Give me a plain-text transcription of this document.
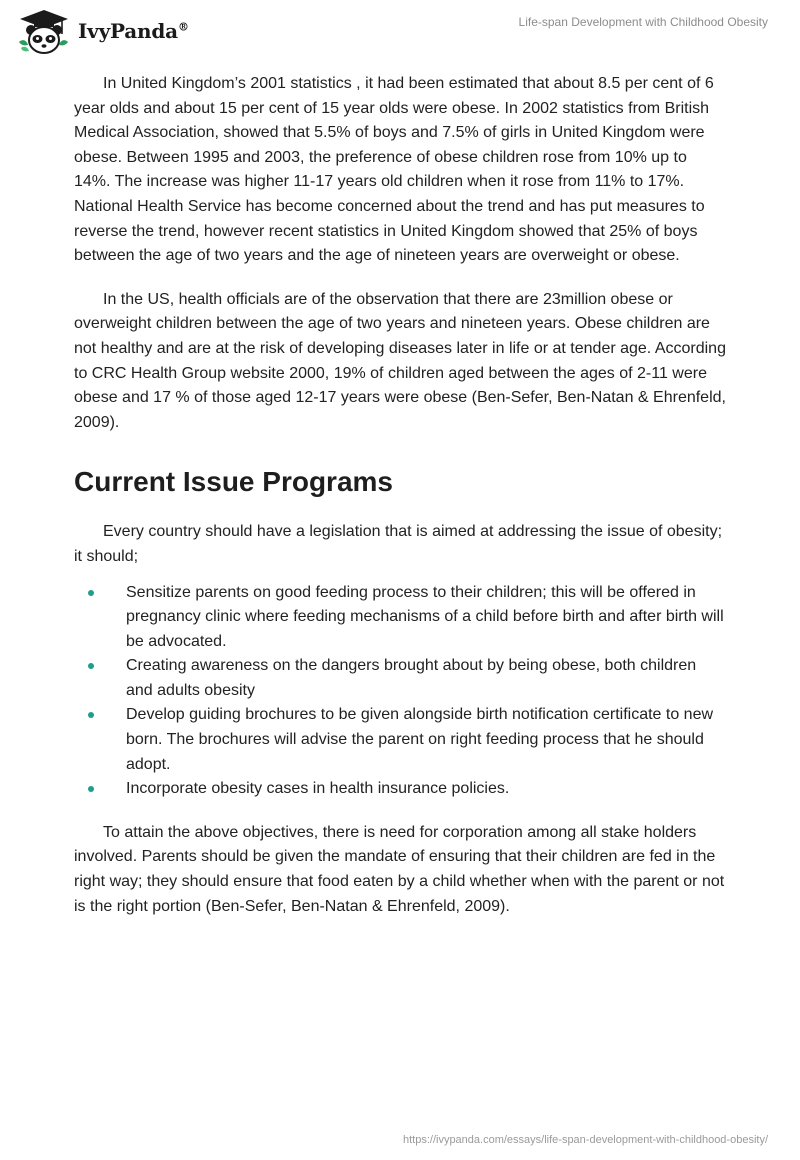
IvyPanda®	Life-span Development with Childhood Obesity

In United Kingdom’s 2001 statistics , it had been estimated that about 8.5 per cent of 6 year olds and about 15 per cent of 15 year olds were obese. In 2002 statistics from British Medical Association, showed that 5.5% of boys and 7.5% of girls in United Kingdom were obese. Between 1995 and 2003, the preference of obese children rose from 10% up to 14%. The increase was higher 11-17 years old children when it rose from 11% to 17%. National Health Service has become concerned about the trend and has put measures to reverse the trend, however recent statistics in United Kingdom showed that 25% of boys between the age of two years and the age of nineteen years are overweight or obese.

In the US, health officials are of the observation that there are 23million obese or overweight children between the age of two years and nineteen years. Obese children are not healthy and are at the risk of developing diseases later in life or at tender age. According to CRC Health Group website 2000, 19% of children aged between the ages of 2-11 were obese and 17 % of those aged 12-17 years were obese (Ben-Sefer, Ben-Natan & Ehrenfeld, 2009).

Current Issue Programs

Every country should have a legislation that is aimed at addressing the issue of obesity; it should;

Sensitize parents on good feeding process to their children; this will be offered in pregnancy clinic where feeding mechanisms of a child before birth and after birth will be advocated.
Creating awareness on the dangers brought about by being obese, both children and adults obesity
Develop guiding brochures to be given alongside birth notification certificate to new born. The brochures will advise the parent on right feeding process that he should adopt.
Incorporate obesity cases in health insurance policies.

To attain the above objectives, there is need for corporation among all stake holders involved. Parents should be given the mandate of ensuring that their children are fed in the right way; they should ensure that food eaten by a child whether when with the parent or not is the right portion (Ben-Sefer, Ben-Natan & Ehrenfeld, 2009).

https://ivypanda.com/essays/life-span-development-with-childhood-obesity/
